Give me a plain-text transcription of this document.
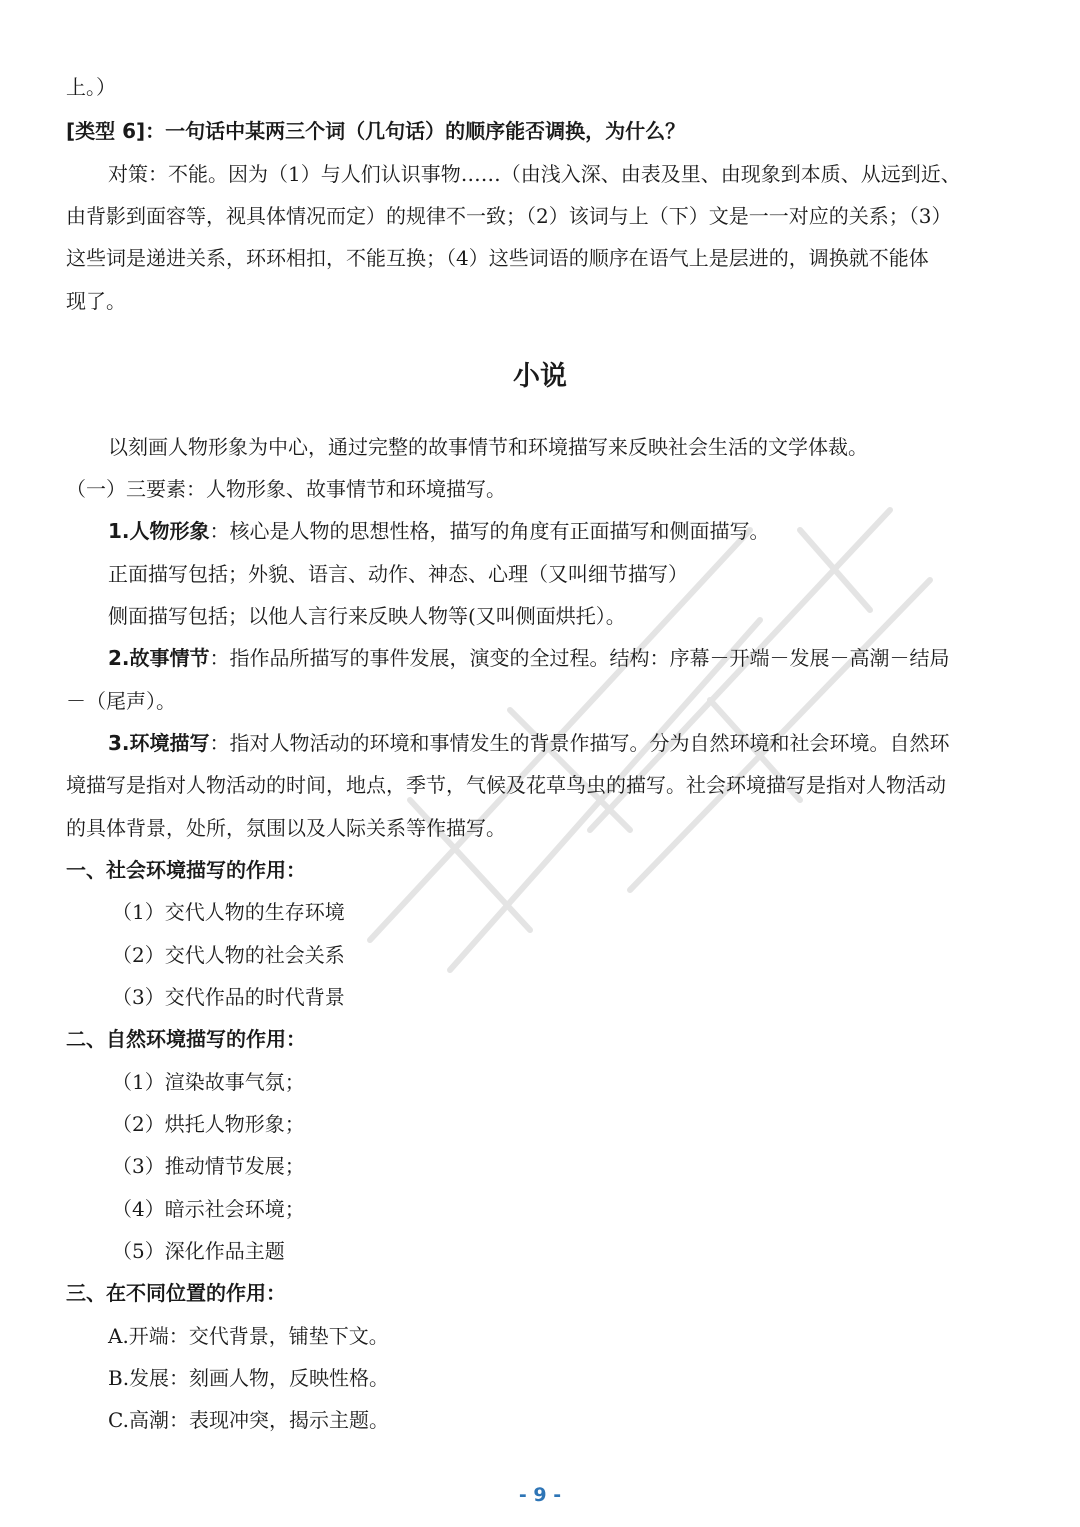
上。）
[类型 6]：一句话中某两三个词（几句话）的顺序能否调换，为什么？
对策：不能。因为（1）与人们认识事物……（由浅入深、由表及里、由现象到本质、从远到近、
由背影到面容等，视具体情况而定）的规律不一致；（2）该词与上（下）文是一一对应的关系；（3）
这些词是递进关系，环环相扣，不能互换；（4）这些词语的顺序在语气上是层进的，调换就不能体
现了。
小说
以刻画人物形象为中心，通过完整的故事情节和环境描写来反映社会生活的文学体裁。
（一）三要素：人物形象、故事情节和环境描写。
1.人物形象：核心是人物的思想性格，描写的角度有正面描写和侧面描写。
正面描写包括；外貌、语言、动作、神态、心理（又叫细节描写）
侧面描写包括；以他人言行来反映人物等(又叫侧面烘托）。
2.故事情节：指作品所描写的事件发展，演变的全过程。结构：序幕－开端－发展－高潮－结局
－（尾声）。
3.环境描写：指对人物活动的环境和事情发生的背景作描写。分为自然环境和社会环境。自然环
境描写是指对人物活动的时间，地点，季节，气候及花草鸟虫的描写。社会环境描写是指对人物活动
的具体背景，处所，氛围以及人际关系等作描写。
一、社会环境描写的作用：
（1）交代人物的生存环境
（2）交代人物的社会关系
（3）交代作品的时代背景
二、自然环境描写的作用：
（1）渲染故事气氛；
（2）烘托人物形象；
（3）推动情节发展；
（4）暗示社会环境；
（5）深化作品主题
三、在不同位置的作用：
A.开端：交代背景，铺垫下文。
B.发展：刻画人物，反映性格。
C.高潮：表现冲突，揭示主题。
- 9 -
